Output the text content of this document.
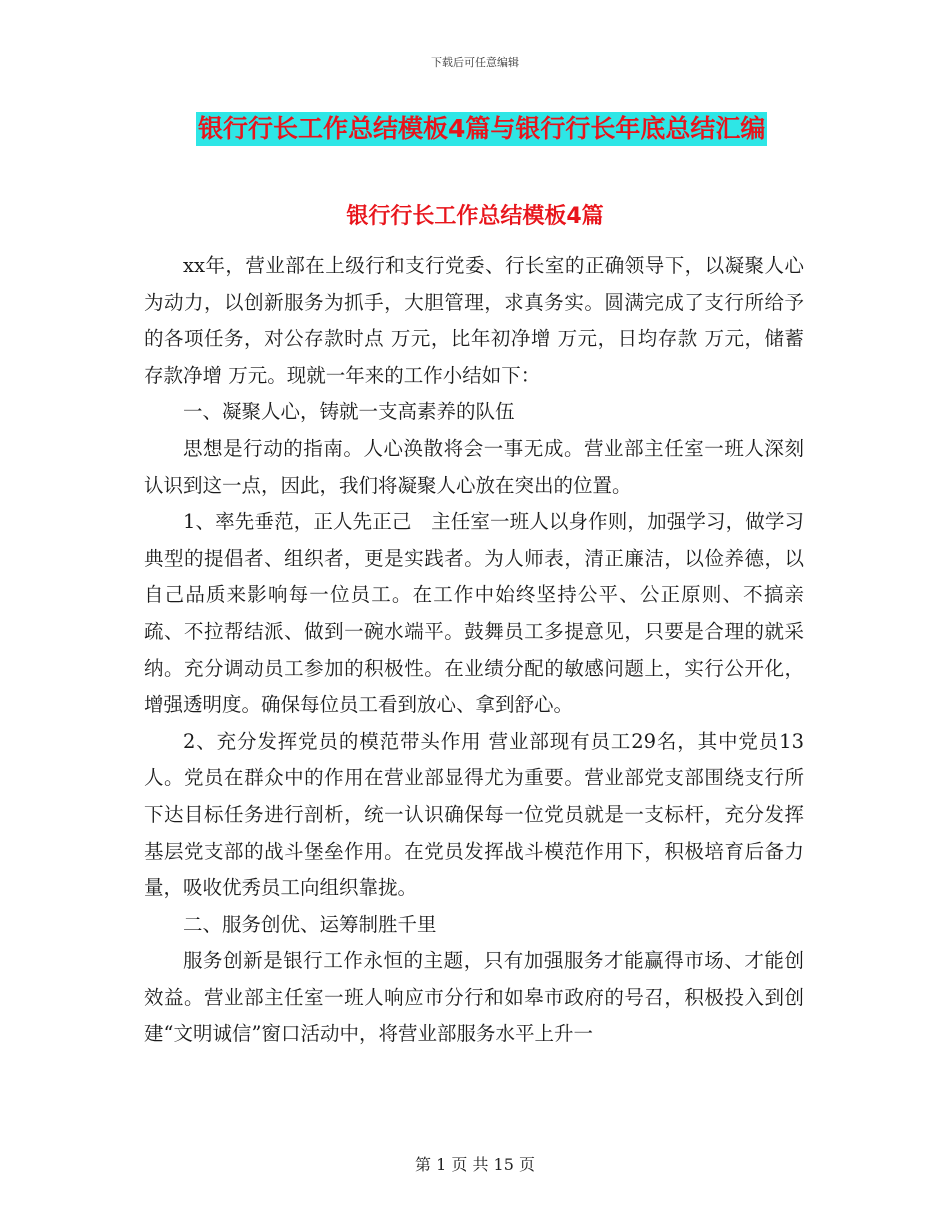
下载后可任意编辑
银行行长工作总结模板4篇与银行行长年底总结汇编
银行行长工作总结模板4篇

xx年，营业部在上级行和支行党委、行长室的正确领导下，以凝聚人心为动力，以创新服务为抓手，大胆管理，求真务实。圆满完成了支行所给予的各项任务，对公存款时点 万元，比年初净增 万元，日均存款 万元，储蓄存款净增 万元。现就一年来的工作小结如下：

一、凝聚人心，铸就一支高素养的队伍

思想是行动的指南。人心涣散将会一事无成。营业部主任室一班人深刻认识到这一点，因此，我们将凝聚人心放在突出的位置。

1、率先垂范，正人先正己　主任室一班人以身作则，加强学习，做学习典型的提倡者、组织者，更是实践者。为人师表，清正廉洁，以俭养德，以自己品质来影响每一位员工。在工作中始终坚持公平、公正原则、不搞亲疏、不拉帮结派、做到一碗水端平。鼓舞员工多提意见，只要是合理的就采纳。充分调动员工参加的积极性。在业绩分配的敏感问题上，实行公开化，增强透明度。确保每位员工看到放心、拿到舒心。

2、充分发挥党员的模范带头作用 营业部现有员工29名，其中党员13人。党员在群众中的作用在营业部显得尤为重要。营业部党支部围绕支行所下达目标任务进行剖析，统一认识确保每一位党员就是一支标杆，充分发挥基层党支部的战斗堡垒作用。在党员发挥战斗模范作用下，积极培育后备力量，吸收优秀员工向组织靠拢。

二、服务创优、运筹制胜千里

服务创新是银行工作永恒的主题，只有加强服务才能赢得市场、才能创效益。营业部主任室一班人响应市分行和如皋市政府的号召，积极投入到创建“文明诚信”窗口活动中，将营业部服务水平上升一

第 1 页 共 15 页
